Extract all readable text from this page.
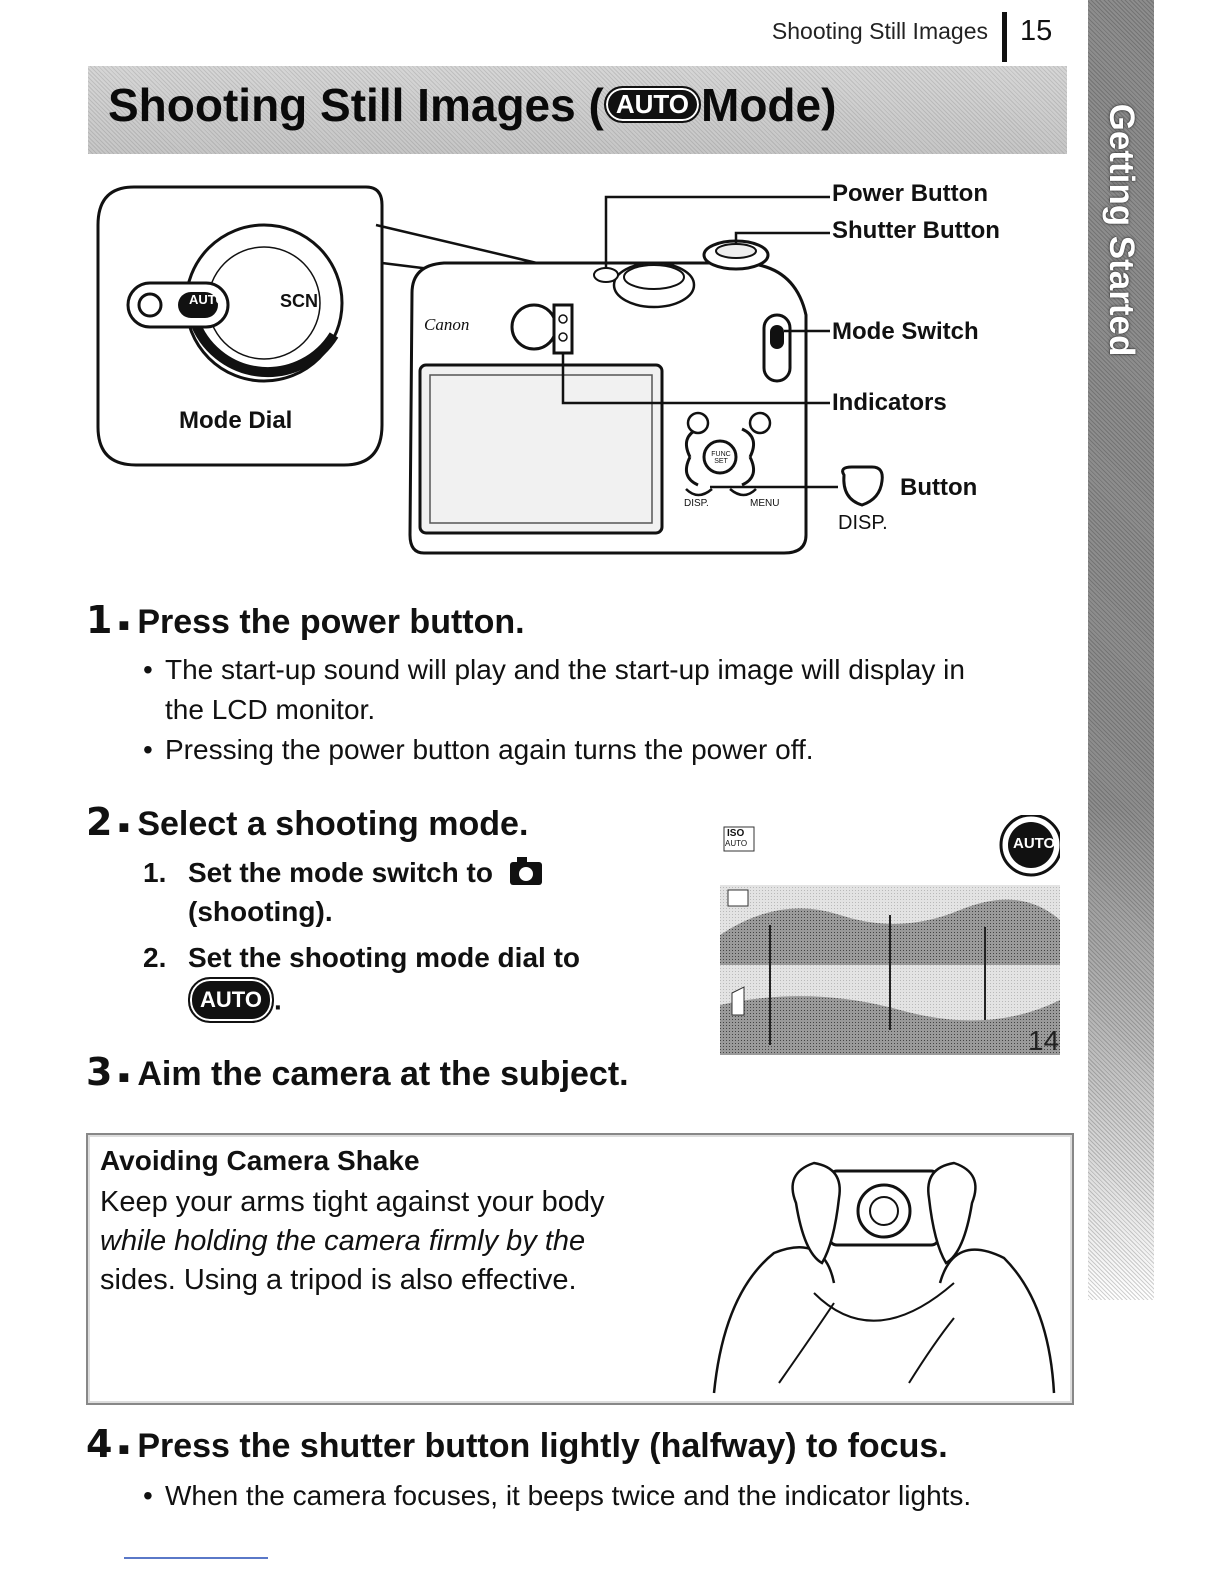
Shooting Still Images 15
Shooting Still Images ( AUTO Mode)	Getting Started
Mode Dial
SCN
AUTO
Canon
DISP.	MENU
FUNC SET
Power Button
Shutter Button
Mode Switch
Indicators
Button
DISP.
1 ■ Press the power button.
• The start-up sound will play and the start-up image will display in
the LCD monitor.
• Pressing the power button again turns the power off.
2 ■ Select a shooting mode.
1. Set the mode switch to
(shooting).
2. Set the shooting mode dial to
AUTO .
ISO
AUTO	AUTO
14
3 ■ Aim the camera at the subject.
Avoiding Camera Shake

Keep your arms tight against your body
while holding the camera firmly by the
sides. Using a tripod is also effective.

4 ■ Press the shutter button lightly (halfway) to focus.
• When the camera focuses, it beeps twice and the indicator lights.
